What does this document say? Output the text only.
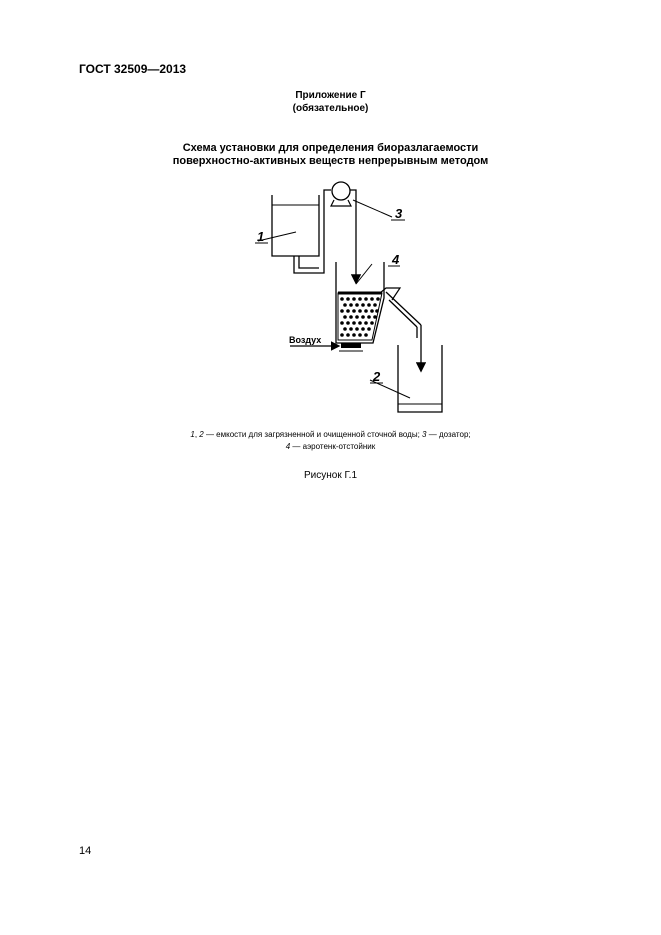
ГОСТ 32509—2013
Приложение Г
(обязательное)
Схема установки для определения биоразлагаемости
поверхностно-активных веществ непрерывным методом
1
3
4
2
Воздух
1, 2 — емкости для загрязненной и очищенной сточной воды; 3 — дозатор;
4 — аэротенк-отстойник
Рисунок Г.1
14
